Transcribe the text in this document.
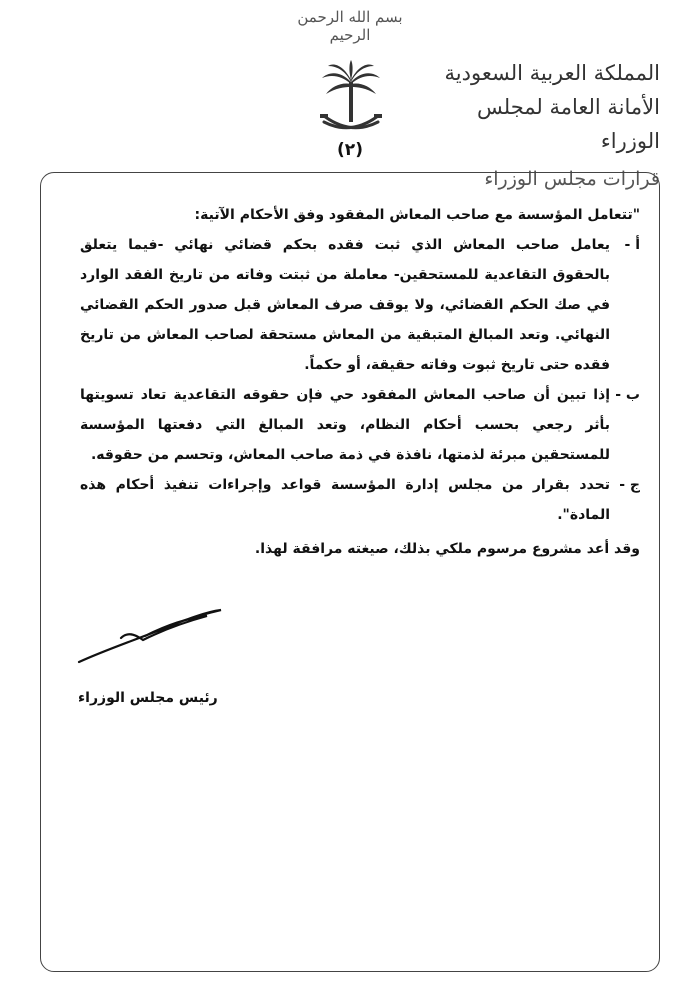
بسم الله الرحمن الرحيم
(٢)
المملكة العربية السعودية
الأمانة العامة لمجلس الوزراء
قرارات مجلس الوزراء

"تتعامل المؤسسة مع صاحب المعاش المفقود وفق الأحكام الآتية:

أ -

يعامل صاحب المعاش الذي ثبت فقده بحكم قضائي نهائي -فيما يتعلق بالحقوق التقاعدية للمستحقين- معاملة من ثبتت وفاته من تاريخ الفقد الوارد في صك الحكم القضائي، ولا يوقف صرف المعاش قبل صدور الحكم القضائي النهائي. وتعد المبالغ المتبقية من المعاش مستحقة لصاحب المعاش من تاريخ فقده حتى تاريخ ثبوت وفاته حقيقة، أو حكماً.

ب -

إذا تبين أن صاحب المعاش المفقود حي فإن حقوقه التقاعدية تعاد تسويتها بأثر رجعي بحسب أحكام النظام، وتعد المبالغ التي دفعتها المؤسسة للمستحقين مبرئة لذمتها، نافذة في ذمة صاحب المعاش، وتحسم من حقوقه.

ج -

تحدد بقرار من مجلس إدارة المؤسسة قواعد وإجراءات تنفيذ أحكام هذه المادة".

وقد أعد مشروع مرسوم ملكي بذلك، صيغته مرافقة لهذا.

رئيس مجلس الوزراء
